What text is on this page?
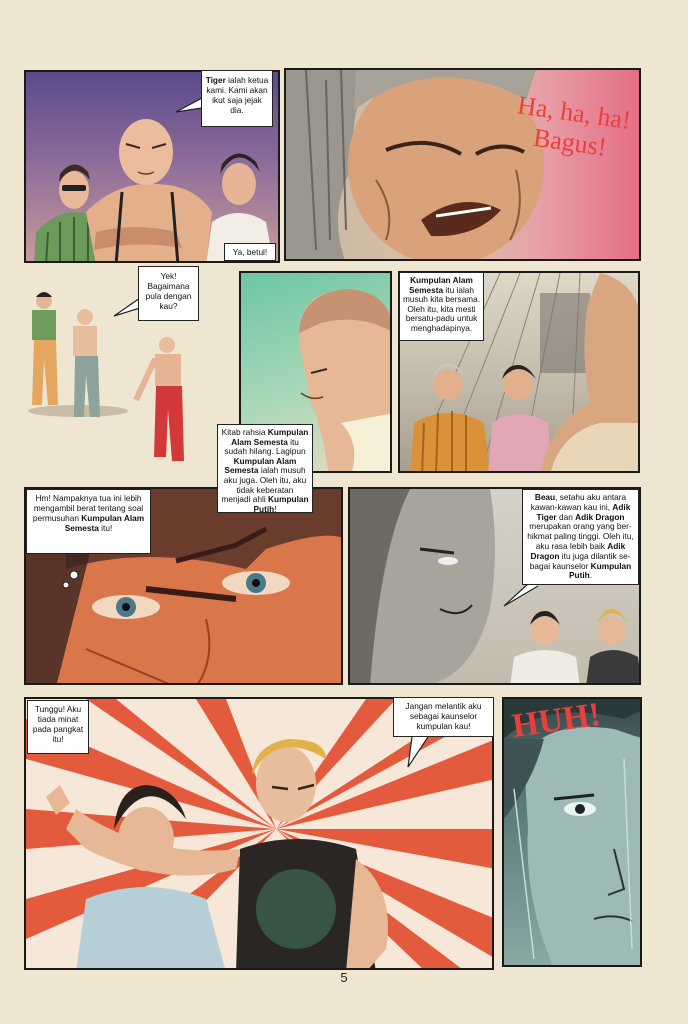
Tiger ialah ketua kami. Kami akan ikut saja jejak dia.
Ya, betul!
Ha, ha, ha! Bagus!
Yek! Bagaimana pula dengan kau?
Kitab rahsia Kumpulan Alam Semesta itu sudah hilang. Lagipun Kumpulan Alam Semesta ialah musuh aku juga. Oleh itu, aku tidak keberatan menjadi ahli Kumpulan Putih!
Kumpulan Alam Semesta itu ialah musuh kita bersama. Oleh itu, kita mesti bersatu-padu untuk menghadapinya.
Hm! Nampaknya tua ini lebih mengambil berat tentang soal permusuhan Kumpulan Alam Semesta itu!
Beau, setahu aku antara kawan-kawan kau ini, Adik Tiger dan Adik Dragon merupakan orang yang ber-hikmat paling tinggi. Oleh itu, aku rasa lebih baik Adik Dragon itu juga dilantik se-bagai kaunselor Kumpulan Putih.
Tunggu! Aku tiada minat pada pangkat itu!
Jangan melantik aku sebagai kaunselor kumpulan kau!	HUH!
5
